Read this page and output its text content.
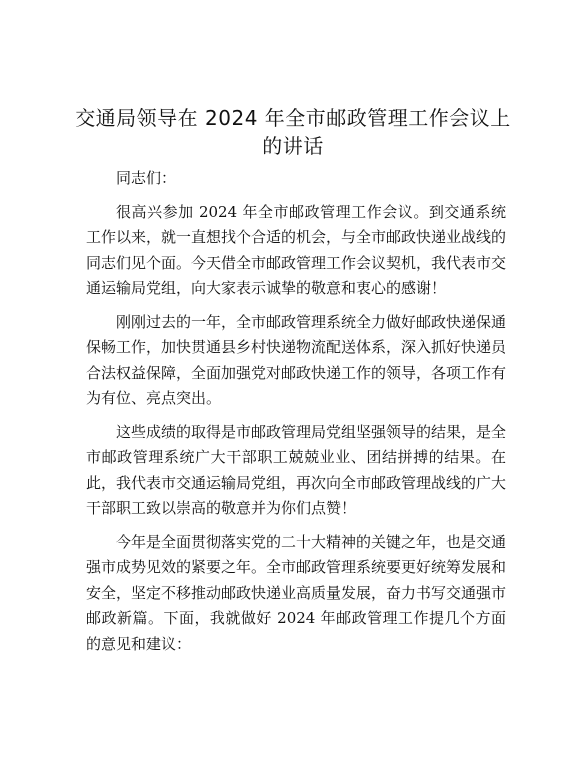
交通局领导在 2024 年全市邮政管理工作会议上
的讲话

同志们：

很高兴参加 2024 年全市邮政管理工作会议。到交通系统工作以来，就一直想找个合适的机会，与全市邮政快递业战线的同志们见个面。今天借全市邮政管理工作会议契机，我代表市交通运输局党组，向大家表示诚挚的敬意和衷心的感谢！

刚刚过去的一年，全市邮政管理系统全力做好邮政快递保通保畅工作，加快贯通县乡村快递物流配送体系，深入抓好快递员合法权益保障，全面加强党对邮政快递工作的领导，各项工作有为有位、亮点突出。

这些成绩的取得是市邮政管理局党组坚强领导的结果，是全市邮政管理系统广大干部职工兢兢业业、团结拼搏的结果。在此，我代表市交通运输局党组，再次向全市邮政管理战线的广大干部职工致以崇高的敬意并为你们点赞！

今年是全面贯彻落实党的二十大精神的关键之年，也是交通强市成势见效的紧要之年。全市邮政管理系统要更好统筹发展和安全，坚定不移推动邮政快递业高质量发展，奋力书写交通强市邮政新篇。下面，我就做好 2024 年邮政管理工作提几个方面的意见和建议：
